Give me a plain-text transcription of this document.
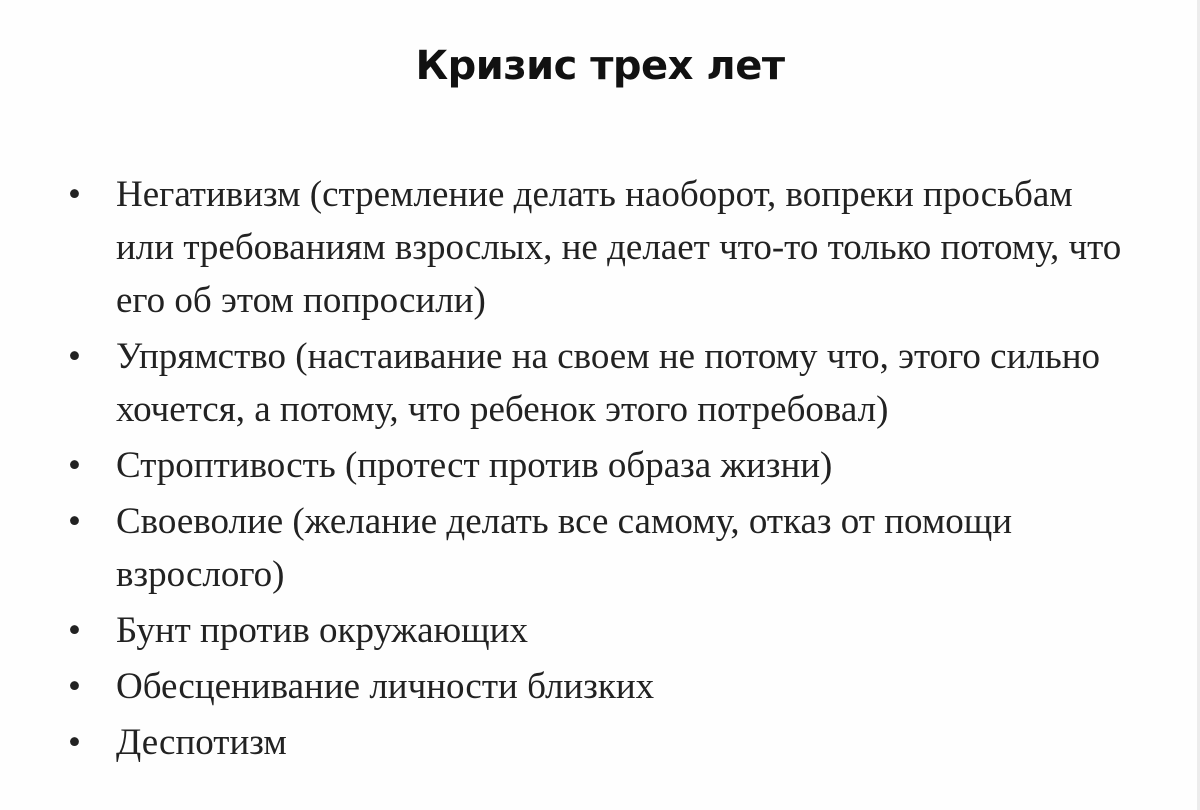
Кризис трех лет
• Негативизм (стремление делать наоборот, вопреки просьбам или требованиям взрослых, не делает что-то только потому, что его об этом попросили)
• Упрямство (настаивание на своем не потому что, этого сильно хочется, а потому, что ребенок этого потребовал)
• Строптивость (протест против образа жизни)
• Своеволие (желание делать все самому, отказ от помощи взрослого)
• Бунт против окружающих
• Обесценивание личности близких
• Деспотизм
